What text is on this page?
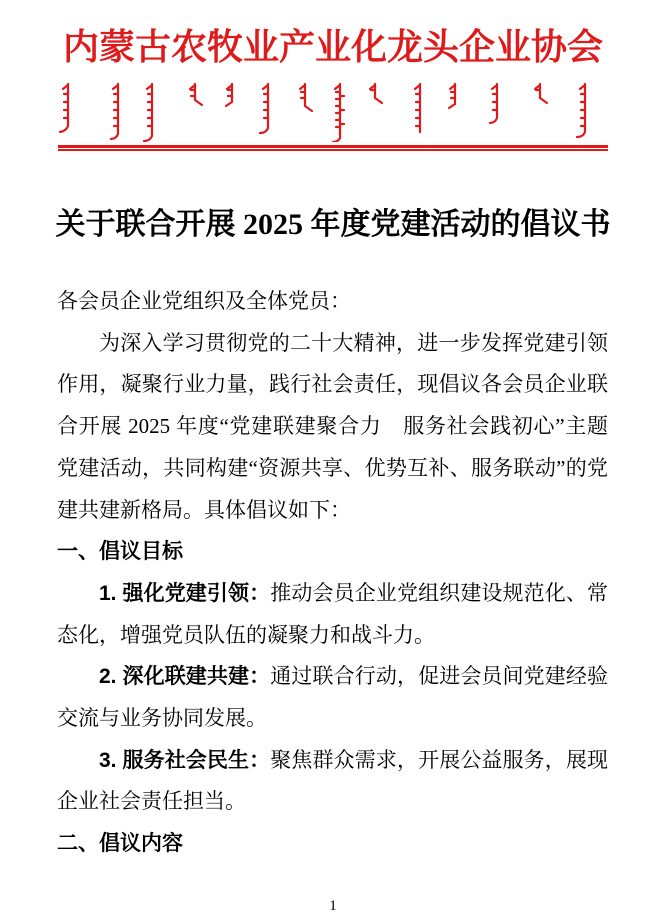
内蒙古农牧业产业化龙头企业协会
关于联合开展 2025 年度党建活动的倡议书

各会员企业党组织及全体党员：

为深入学习贯彻党的二十大精神，进一步发挥党建引领作用，凝聚行业力量，践行社会责任，现倡议各会员企业联合开展 2025 年度“党建联建聚合力　服务社会践初心”主题党建活动，共同构建“资源共享、优势互补、服务联动”的党建共建新格局。具体倡议如下：

一、倡议目标

1. 强化党建引领：推动会员企业党组织建设规范化、常态化，增强党员队伍的凝聚力和战斗力。

2. 深化联建共建：通过联合行动，促进会员间党建经验交流与业务协同发展。

3. 服务社会民生：聚焦群众需求，开展公益服务，展现企业社会责任担当。

二、倡议内容

1
